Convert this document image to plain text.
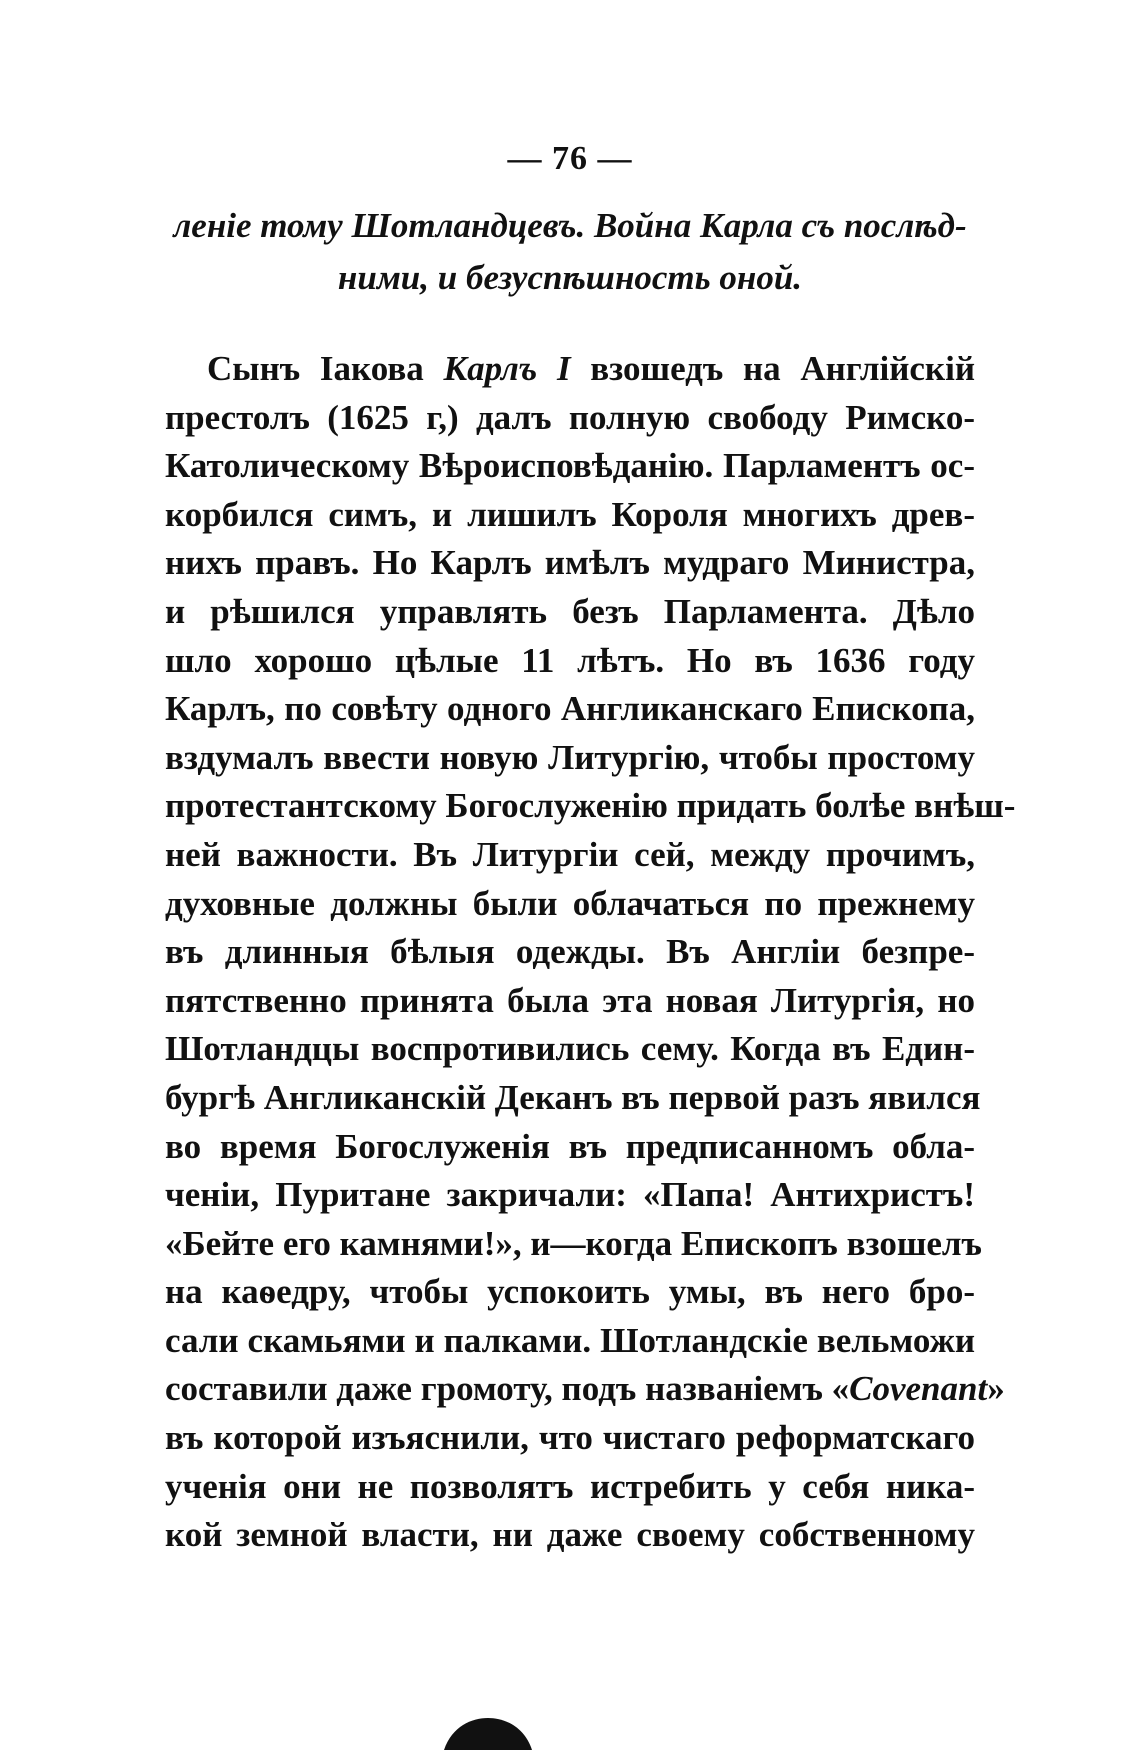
— 76 —
леніе тому Шотландцевъ. Война Карла съ послѣд-
ними, и безуспѣшность оной.
Сынъ Іакова Карлъ I взошедъ на Англійскій
престолъ (1625 г,) далъ полную свободу Римско-
Католическому Вѣроисповѣданію. Парламентъ ос-
корбился симъ, и лишилъ Короля многихъ древ-
нихъ правъ. Но Карлъ имѣлъ мудраго Министра,
и рѣшился управлять безъ Парламента. Дѣло
шло хорошо цѣлые 11 лѣтъ. Но въ 1636 году
Карлъ, по совѣту одного Англиканскаго Епископа,
вздумалъ ввести новую Литургію, чтобы простому
протестантскому Богослуженію придать болѣе внѣш-
ней важности. Въ Литургіи сей, между прочимъ,
духовные должны были облачаться по прежнему
въ длинныя бѣлыя одежды. Въ Англіи безпре-
пятственно принята была эта новая Литургія, но
Шотландцы воспротивились сему. Когда въ Един-
бургѣ Англиканскій Деканъ въ первой разъ явился
во время Богослуженія въ предписанномъ обла-
ченіи, Пуритане закричали: «Папа! Антихристъ!
«Бейте его камнями!», и—когда Епископъ взошелъ
на каѳедру, чтобы успокоить умы, въ него бро-
сали скамьями и палками. Шотландскіе вельможи
составили даже громоту, подъ названіемъ «Covenant»
въ которой изъяснили, что чистаго реформатскаго
ученія они не позволятъ истребить у себя ника-
кой земной власти, ни даже своему собственному
